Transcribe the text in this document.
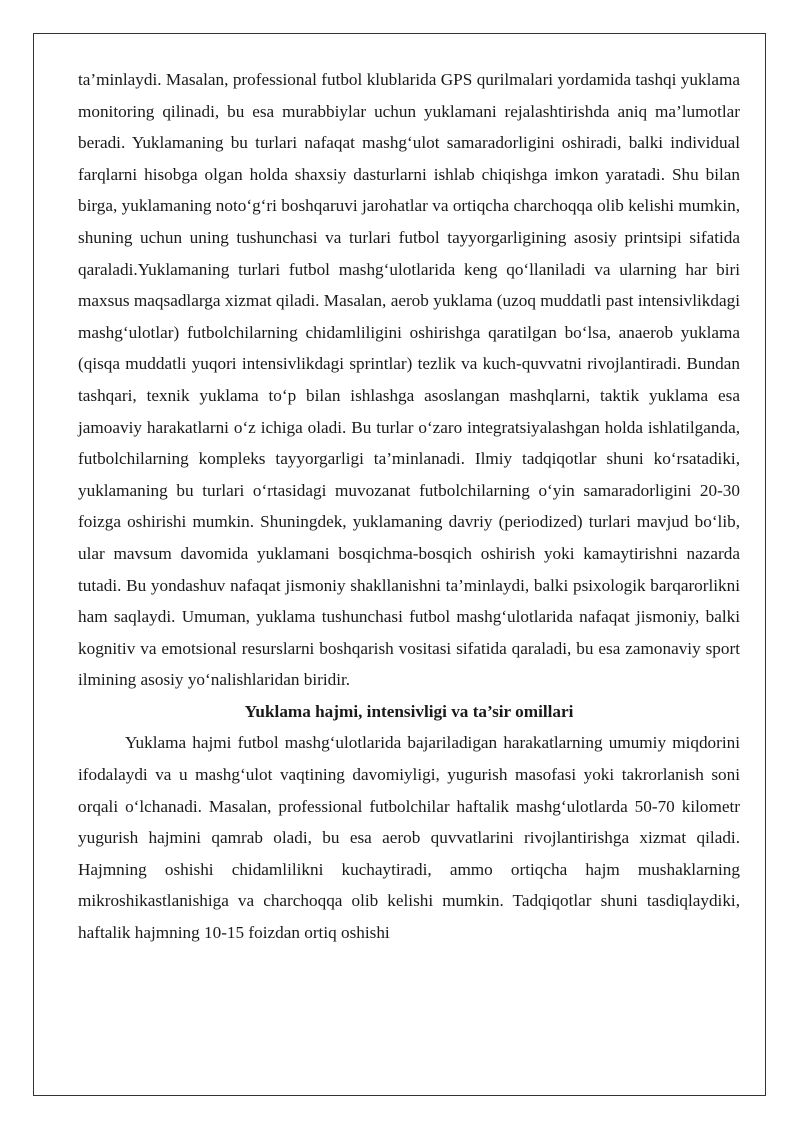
ta’minlaydi. Masalan, professional futbol klublarida GPS qurilmalari yordamida tashqi yuklama monitoring qilinadi, bu esa murabbiylar uchun yuklamani rejalashtirishda aniq ma’lumotlar beradi. Yuklamaning bu turlari nafaqat mashg‘ulot samaradorligini oshiradi, balki individual farqlarni hisobga olgan holda shaxsiy dasturlarni ishlab chiqishga imkon yaratadi. Shu bilan birga, yuklamaning noto‘g‘ri boshqaruvi jarohatlar va ortiqcha charchoqqa olib kelishi mumkin, shuning uchun uning tushunchasi va turlari futbol tayyorgarligining asosiy printsipi sifatida qaraladi.Yuklamaning turlari futbol mashg‘ulotlarida keng qo‘llaniladi va ularning har biri maxsus maqsadlarga xizmat qiladi. Masalan, aerob yuklama (uzoq muddatli past intensivlikdagi mashg‘ulotlar) futbolchilarning chidamliligini oshirishga qaratilgan bo‘lsa, anaerob yuklama (qisqa muddatli yuqori intensivlikdagi sprintlar) tezlik va kuch-quvvatni rivojlantiradi. Bundan tashqari, texnik yuklama to‘p bilan ishlashga asoslangan mashqlarni, taktik yuklama esa jamoaviy harakatlarni o‘z ichiga oladi. Bu turlar o‘zaro integratsiyalashgan holda ishlatilganda, futbolchilarning kompleks tayyorgarligi ta’minlanadi. Ilmiy tadqiqotlar shuni ko‘rsatadiki, yuklamaning bu turlari o‘rtasidagi muvozanat futbolchilarning o‘yin samaradorligini 20-30 foizga oshirishi mumkin. Shuningdek, yuklamaning davriy (periodized) turlari mavjud bo‘lib, ular mavsum davomida yuklamani bosqichma-bosqich oshirish yoki kamaytirishni nazarda tutadi. Bu yondashuv nafaqat jismoniy shakllanishni ta’minlaydi, balki psixologik barqarorlikni ham saqlaydi. Umuman, yuklama tushunchasi futbol mashg‘ulotlarida nafaqat jismoniy, balki kognitiv va emotsional resurslarni boshqarish vositasi sifatida qaraladi, bu esa zamonaviy sport ilmining asosiy yo‘nalishlaridan biridir.

Yuklama hajmi, intensivligi va ta’sir omillari

Yuklama hajmi futbol mashg‘ulotlarida bajariladigan harakatlarning umumiy miqdorini ifodalaydi va u mashg‘ulot vaqtining davomiyligi, yugurish masofasi yoki takrorlanish soni orqali o‘lchanadi. Masalan, professional futbolchilar haftalik mashg‘ulotlarda 50-70 kilometr yugurish hajmini qamrab oladi, bu esa aerob quvvatlarini rivojlantirishga xizmat qiladi. Hajmning oshishi chidamlilikni kuchaytiradi, ammo ortiqcha hajm mushaklarning mikroshikastlanishiga va charchoqqa olib kelishi mumkin. Tadqiqotlar shuni tasdiqlaydiki, haftalik hajmning 10-15 foizdan ortiq oshishi
